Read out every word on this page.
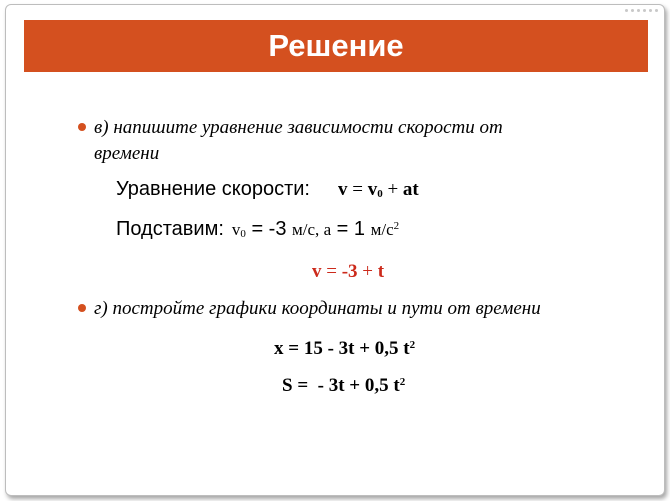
Решение
в) напишите уравнение зависимости скорости от
времени
Уравнение скорости: v = v0 + at
Подставим: v0 = -3 м/с, a = 1 $м/с^2$
v = -3 + t
г) постройте графики координаты и пути от времени
x = 15 - 3t + 0,5 $t^2$
S =  - 3t + 0,5 $t^2$
